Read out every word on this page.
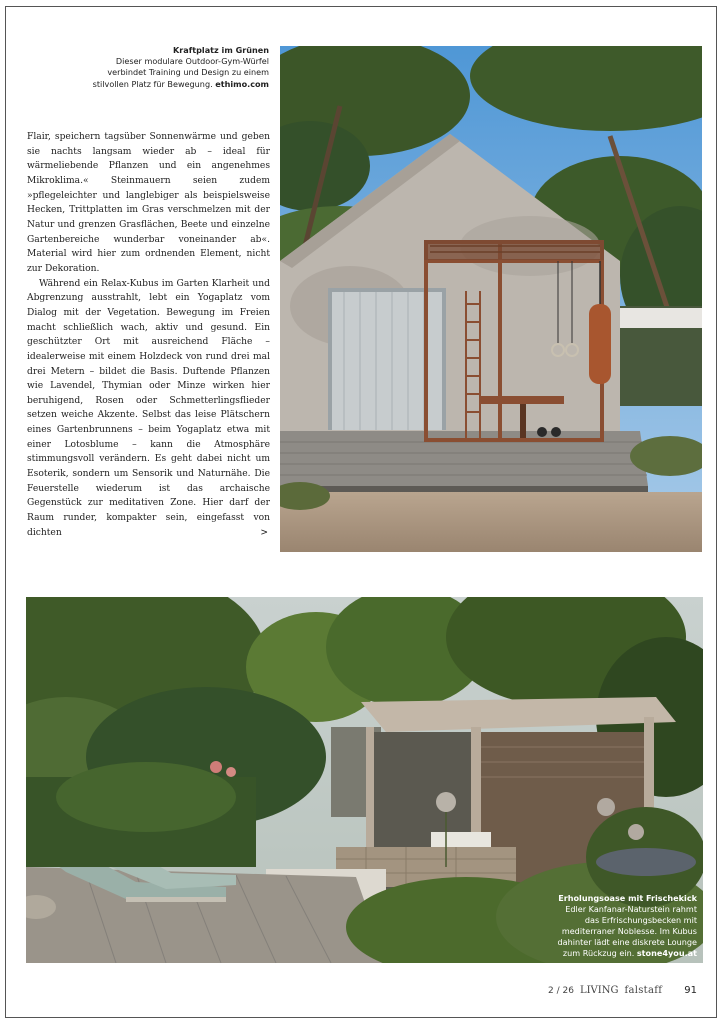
Kraftplatz im Grünen
Dieser modulare Outdoor-Gym-Würfel
verbindet Training und Design zu einem
stilvollen Platz für Bewegung. ethimo.com

Flair, speichern tagsüber Sonnenwärme und geben sie nachts langsam wieder ab – ideal für wärmeliebende Pflanzen und ein angenehmes Mikroklima.« Steinmauern seien zudem »pflegeleichter und langlebiger als beispielsweise Hecken, Trittplatten im Gras verschmelzen mit der Natur und grenzen Grasflächen, Beete und einzelne Gartenbereiche wunderbar voneinander ab«. Material wird hier zum ordnenden Element, nicht zur Dekoration.

Während ein Relax-Kubus im Garten Klarheit und Abgrenzung ausstrahlt, lebt ein Yogaplatz vom Dialog mit der Vegetation. Bewegung im Freien macht schließlich wach, aktiv und gesund. Ein geschützter Ort mit ausreichend Fläche – idealerweise mit einem Holzdeck von rund drei mal drei Metern – bildet die Basis. Duftende Pflanzen wie Lavendel, Thymian oder Minze wirken hier beruhigend, Rosen oder Schmetterlingsflieder setzen weiche Akzente. Selbst das leise Plätschern eines Gartenbrunnens – beim Yogaplatz etwa mit einer Lotosblume – kann die Atmosphäre stimmungsvoll verändern. Es geht dabei nicht um Esoterik, sondern um Sensorik und Naturnähe. Die Feuerstelle wiederum ist das archaische Gegenstück zur meditativen Zone. Hier darf der Raum runder, kompakter sein, eingefasst von dichten	>
Erholungsoase mit Frischekick
Edler Kanfanar-Naturstein rahmt
das Erfrischungsbecken mit
mediterraner Noblesse. Im Kubus
dahinter lädt eine diskrete Lounge
zum Rückzug ein. stone4you.at
2 / 26 LIVING falstaff 91
